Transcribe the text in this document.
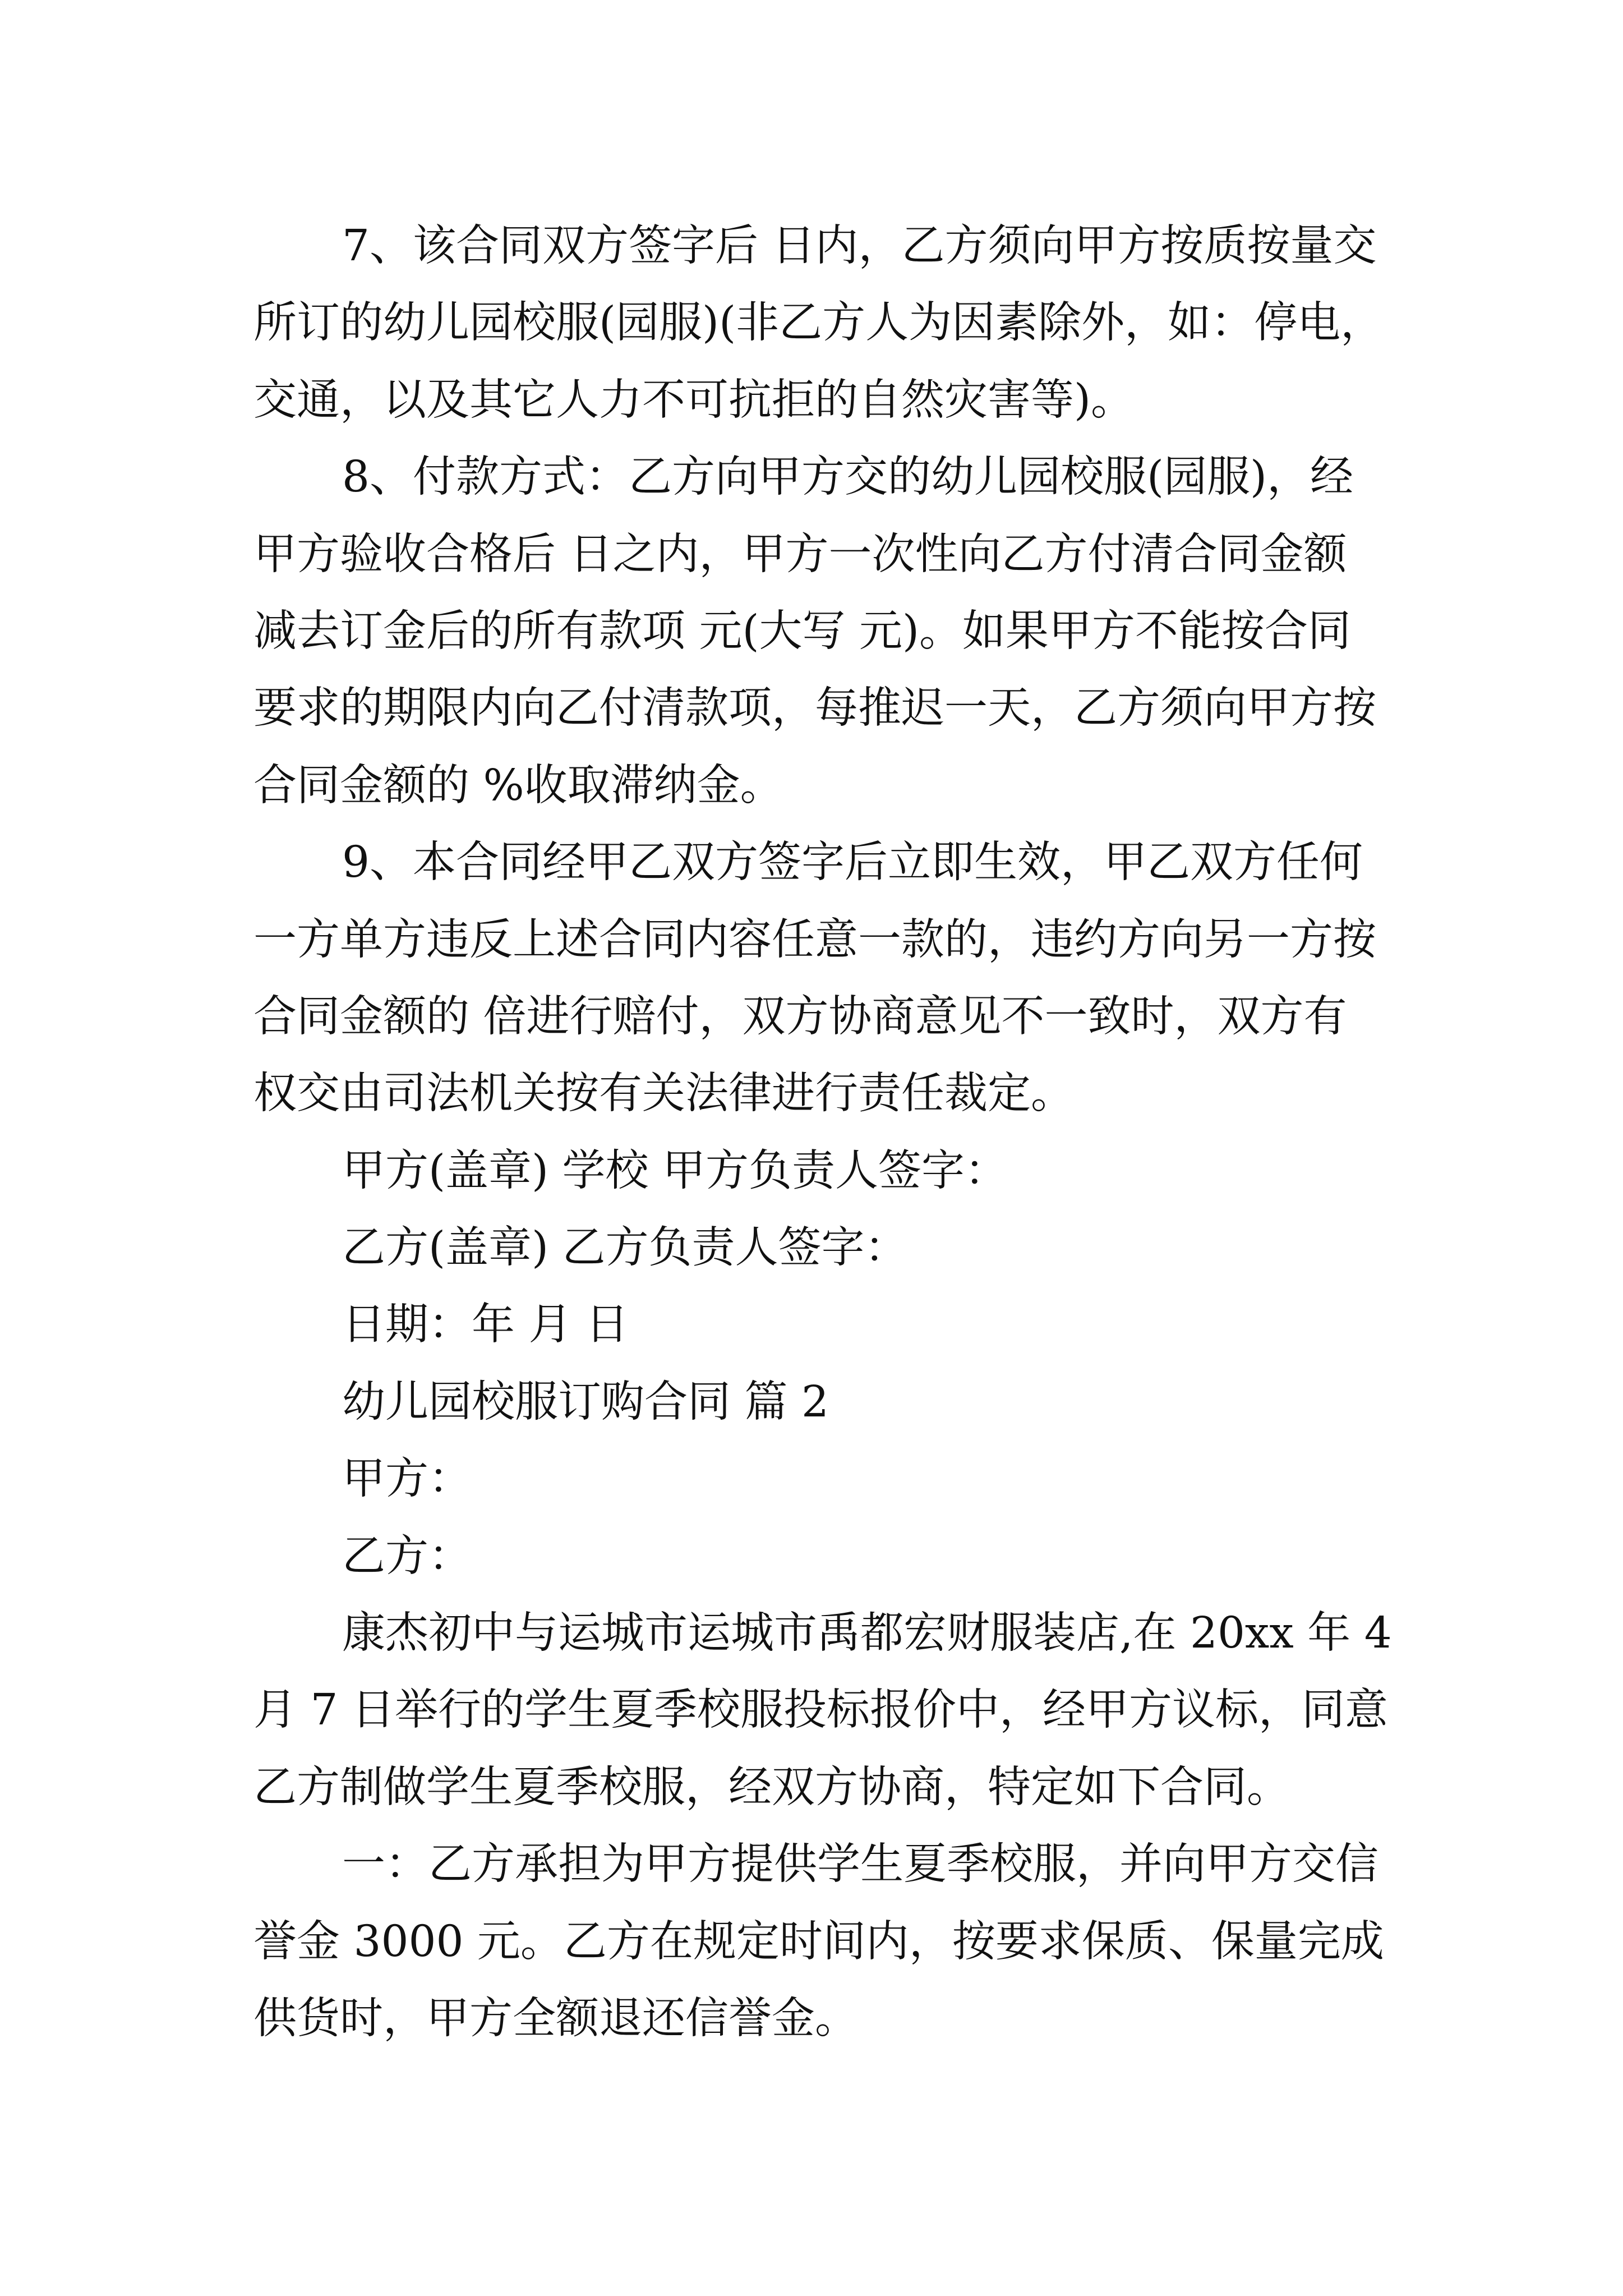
7、该合同双方签字后 日内，乙方须向甲方按质按量交
所订的幼儿园校服(园服)(非乙方人为因素除外，如：停电，
交通，以及其它人力不可抗拒的自然灾害等)。
8、付款方式：乙方向甲方交的幼儿园校服(园服)，经
甲方验收合格后 日之内，甲方一次性向乙方付清合同金额
减去订金后的所有款项 元(大写 元)。如果甲方不能按合同
要求的期限内向乙付清款项，每推迟一天，乙方须向甲方按
合同金额的 %收取滞纳金。
9、本合同经甲乙双方签字后立即生效，甲乙双方任何
一方单方违反上述合同内容任意一款的，违约方向另一方按
合同金额的 倍进行赔付，双方协商意见不一致时，双方有
权交由司法机关按有关法律进行责任裁定。
甲方(盖章) 学校 甲方负责人签字：
乙方(盖章) 乙方负责人签字：
日期：年 月 日
幼儿园校服订购合同 篇 2
甲方：
乙方：
康杰初中与运城市运城市禹都宏财服装店,在 20xx 年 4
月 7 日举行的学生夏季校服投标报价中，经甲方议标，同意
乙方制做学生夏季校服，经双方协商，特定如下合同。
一：乙方承担为甲方提供学生夏季校服，并向甲方交信
誉金 3000 元。乙方在规定时间内，按要求保质、保量完成
供货时，甲方全额退还信誉金。
